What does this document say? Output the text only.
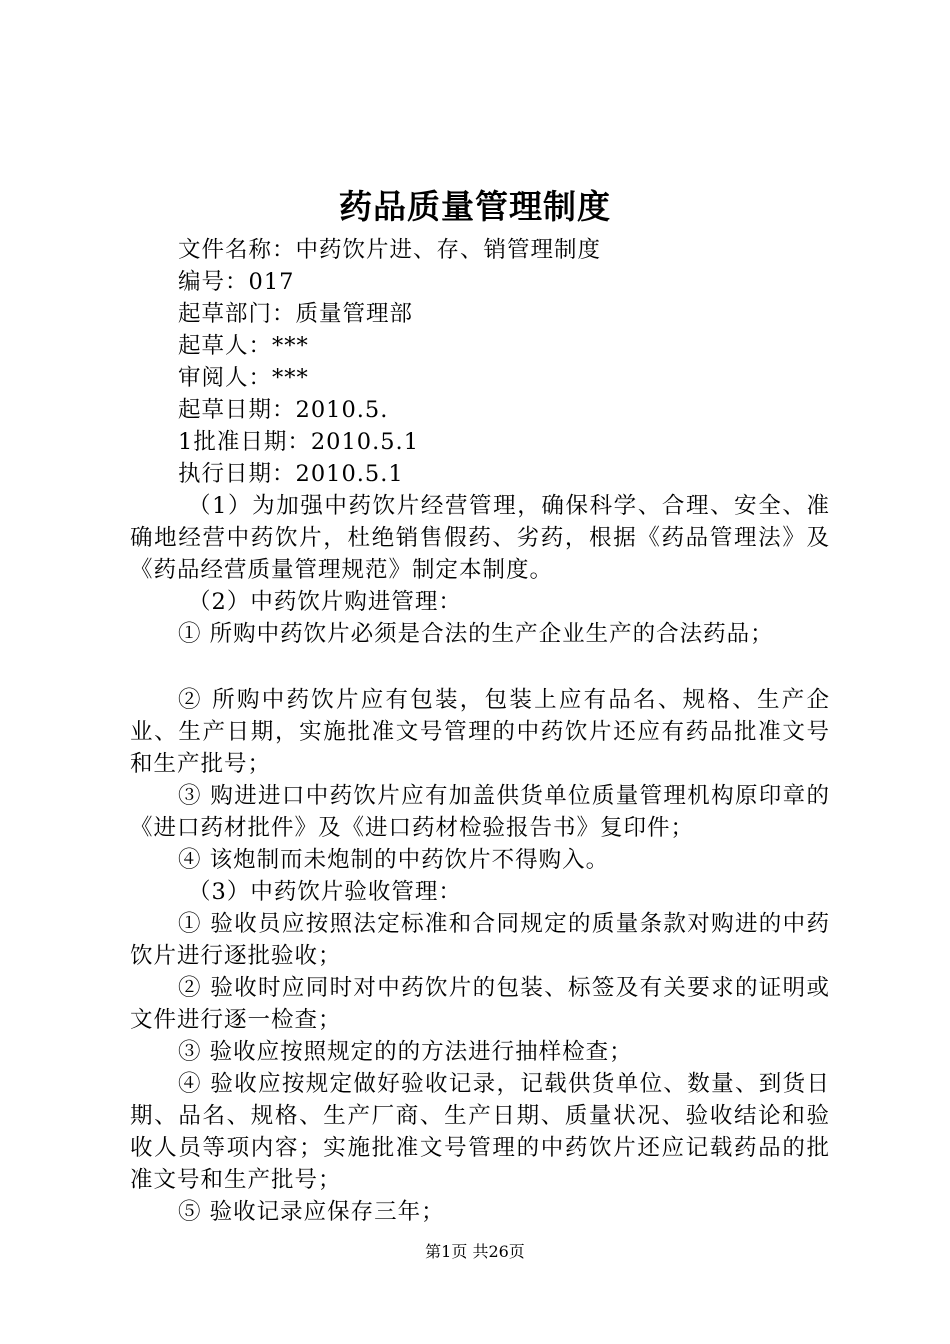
药品质量管理制度
文件名称：中药饮片进、存、销管理制度
编号：017
起草部门：质量管理部
起草人：***
审阅人：***
起草日期：2010.5.
1批准日期：2010.5.1
执行日期：2010.5.1
（1）为加强中药饮片经营管理，确保科学、合理、安全、准确地经营中药饮片，杜绝销售假药、劣药，根据《药品管理法》及《药品经营质量管理规范》制定本制度。
（2）中药饮片购进管理：
① 所购中药饮片必须是合法的生产企业生产的合法药品；
② 所购中药饮片应有包装，包装上应有品名、规格、生产企业、生产日期，实施批准文号管理的中药饮片还应有药品批准文号和生产批号；
③ 购进进口中药饮片应有加盖供货单位质量管理机构原印章的《进口药材批件》及《进口药材检验报告书》复印件；
④ 该炮制而未炮制的中药饮片不得购入。
（3）中药饮片验收管理：
① 验收员应按照法定标准和合同规定的质量条款对购进的中药饮片进行逐批验收；
② 验收时应同时对中药饮片的包装、标签及有关要求的证明或文件进行逐一检查；
③ 验收应按照规定的的方法进行抽样检查；
④ 验收应按规定做好验收记录，记载供货单位、数量、到货日期、品名、规格、生产厂商、生产日期、质量状况、验收结论和验收人员等项内容；实施批准文号管理的中药饮片还应记载药品的批准文号和生产批号；
⑤ 验收记录应保存三年；
第1页 共26页
